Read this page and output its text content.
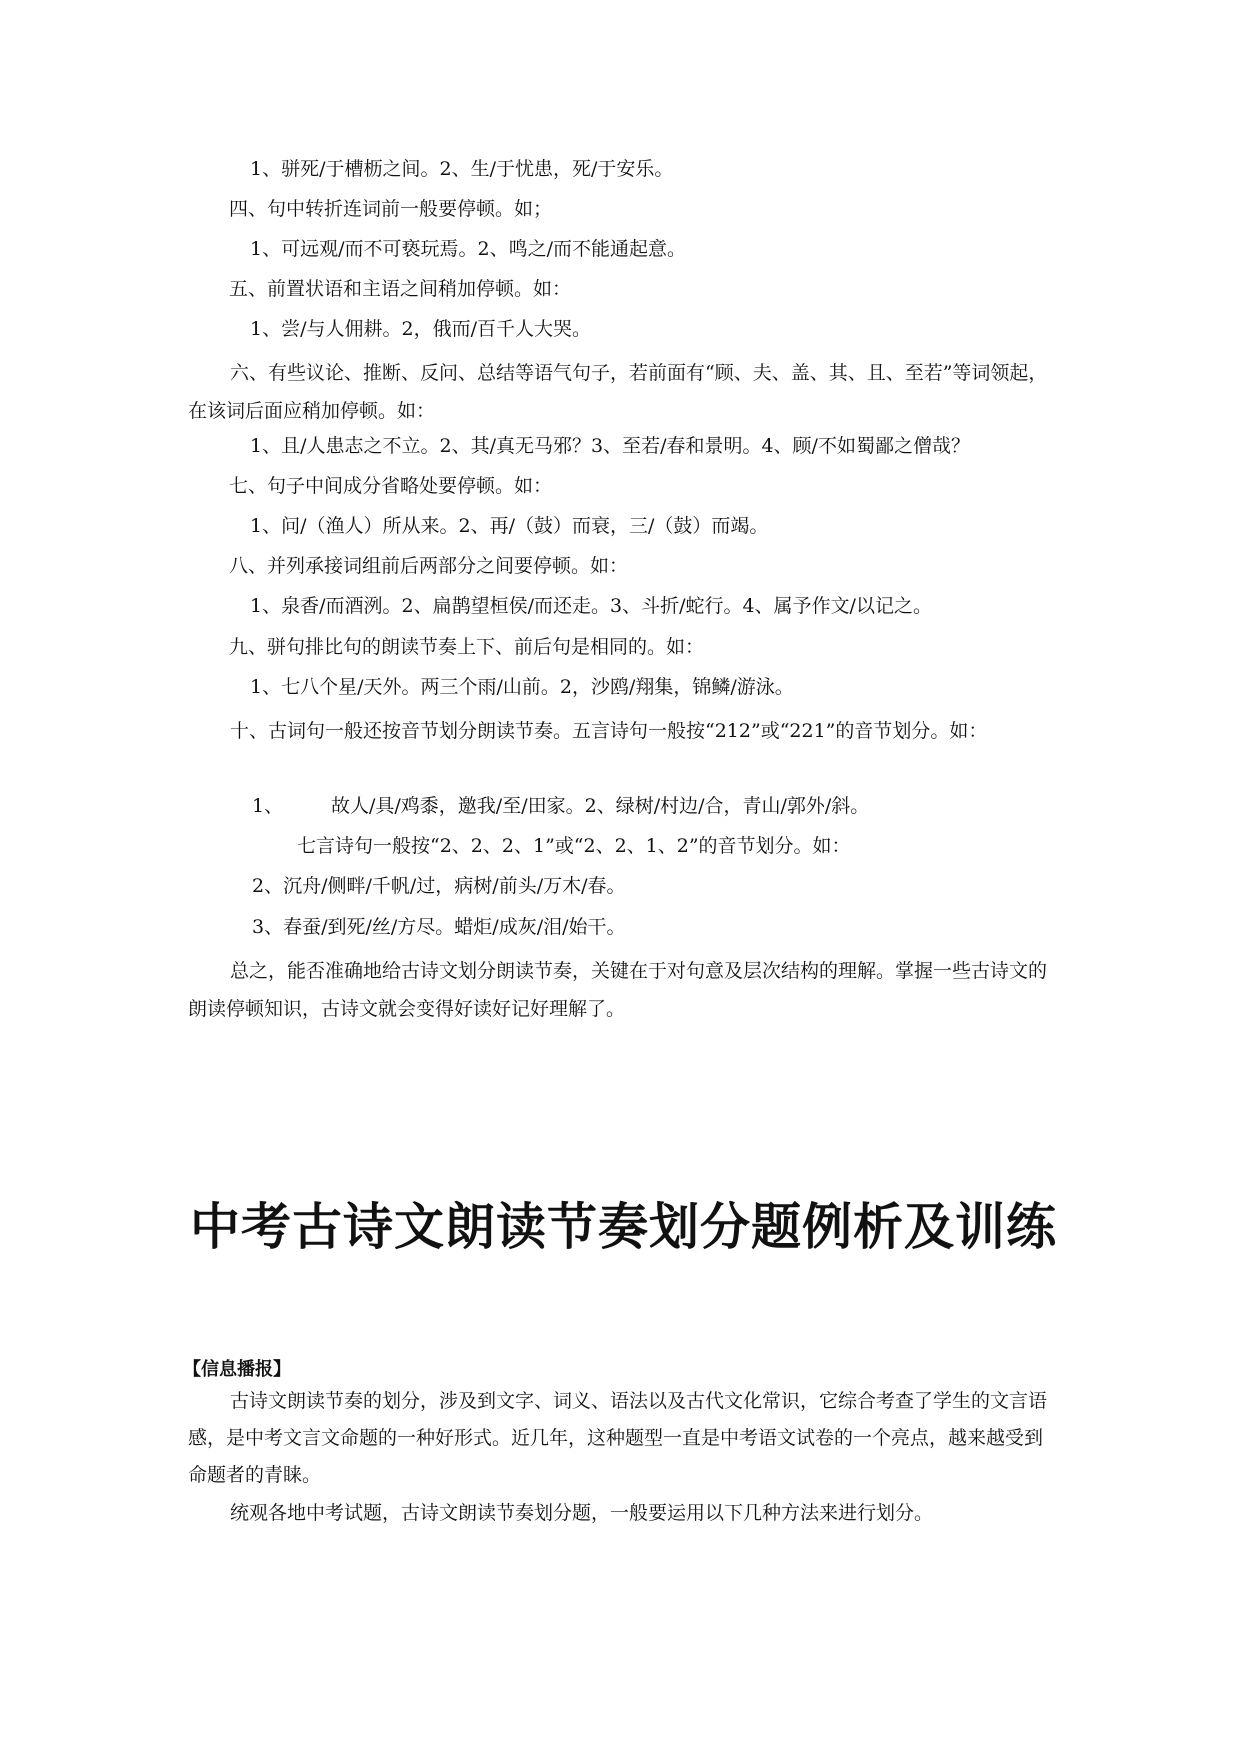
1、骈死/于槽枥之间。2、生/于忧患，死/于安乐。
四、句中转折连词前一般要停顿。如；
1、可远观/而不可亵玩焉。2、鸣之/而不能通起意。
五、前置状语和主语之间稍加停顿。如：
1、尝/与人佣耕。2，俄而/百千人大哭。
六、有些议论、推断、反问、总结等语气句子，若前面有“顾、夫、盖、其、且、至若”等词领起，在该词后面应稍加停顿。如：
1、且/人患志之不立。2、其/真无马邪？3、至若/春和景明。4、顾/不如蜀鄙之僧哉？
七、句子中间成分省略处要停顿。如：
1、问/（渔人）所从来。2、再/（鼓）而衰，三/（鼓）而竭。
八、并列承接词组前后两部分之间要停顿。如：
1、泉香/而酒洌。2、扁鹊望桓侯/而还走。3、斗折/蛇行。4、属予作文/以记之。
九、骈句排比句的朗读节奏上下、前后句是相同的。如：
1、七八个星/天外。两三个雨/山前。2，沙鸥/翔集，锦鳞/游泳。
十、古词句一般还按音节划分朗读节奏。五言诗句一般按“212”或“221”的音节划分。如：
1、	故人/具/鸡黍，邀我/至/田家。2、绿树/村边/合，青山/郭外/斜。
七言诗句一般按“2、2、2、1”或“2、2、1、2”的音节划分。如：
2、沉舟/侧畔/千帆/过，病树/前头/万木/春。
3、春蚕/到死/丝/方尽。蜡炬/成灰/泪/始干。
总之，能否准确地给古诗文划分朗读节奏，关键在于对句意及层次结构的理解。掌握一些古诗文的朗读停顿知识，古诗文就会变得好读好记好理解了。
中考古诗文朗读节奏划分题例析及训练
【信息播报】
古诗文朗读节奏的划分，涉及到文字、词义、语法以及古代文化常识，它综合考查了学生的文言语感，是中考文言文命题的一种好形式。近几年，这种题型一直是中考语文试卷的一个亮点，越来越受到命题者的青睐。
统观各地中考试题，古诗文朗读节奏划分题，一般要运用以下几种方法来进行划分。
